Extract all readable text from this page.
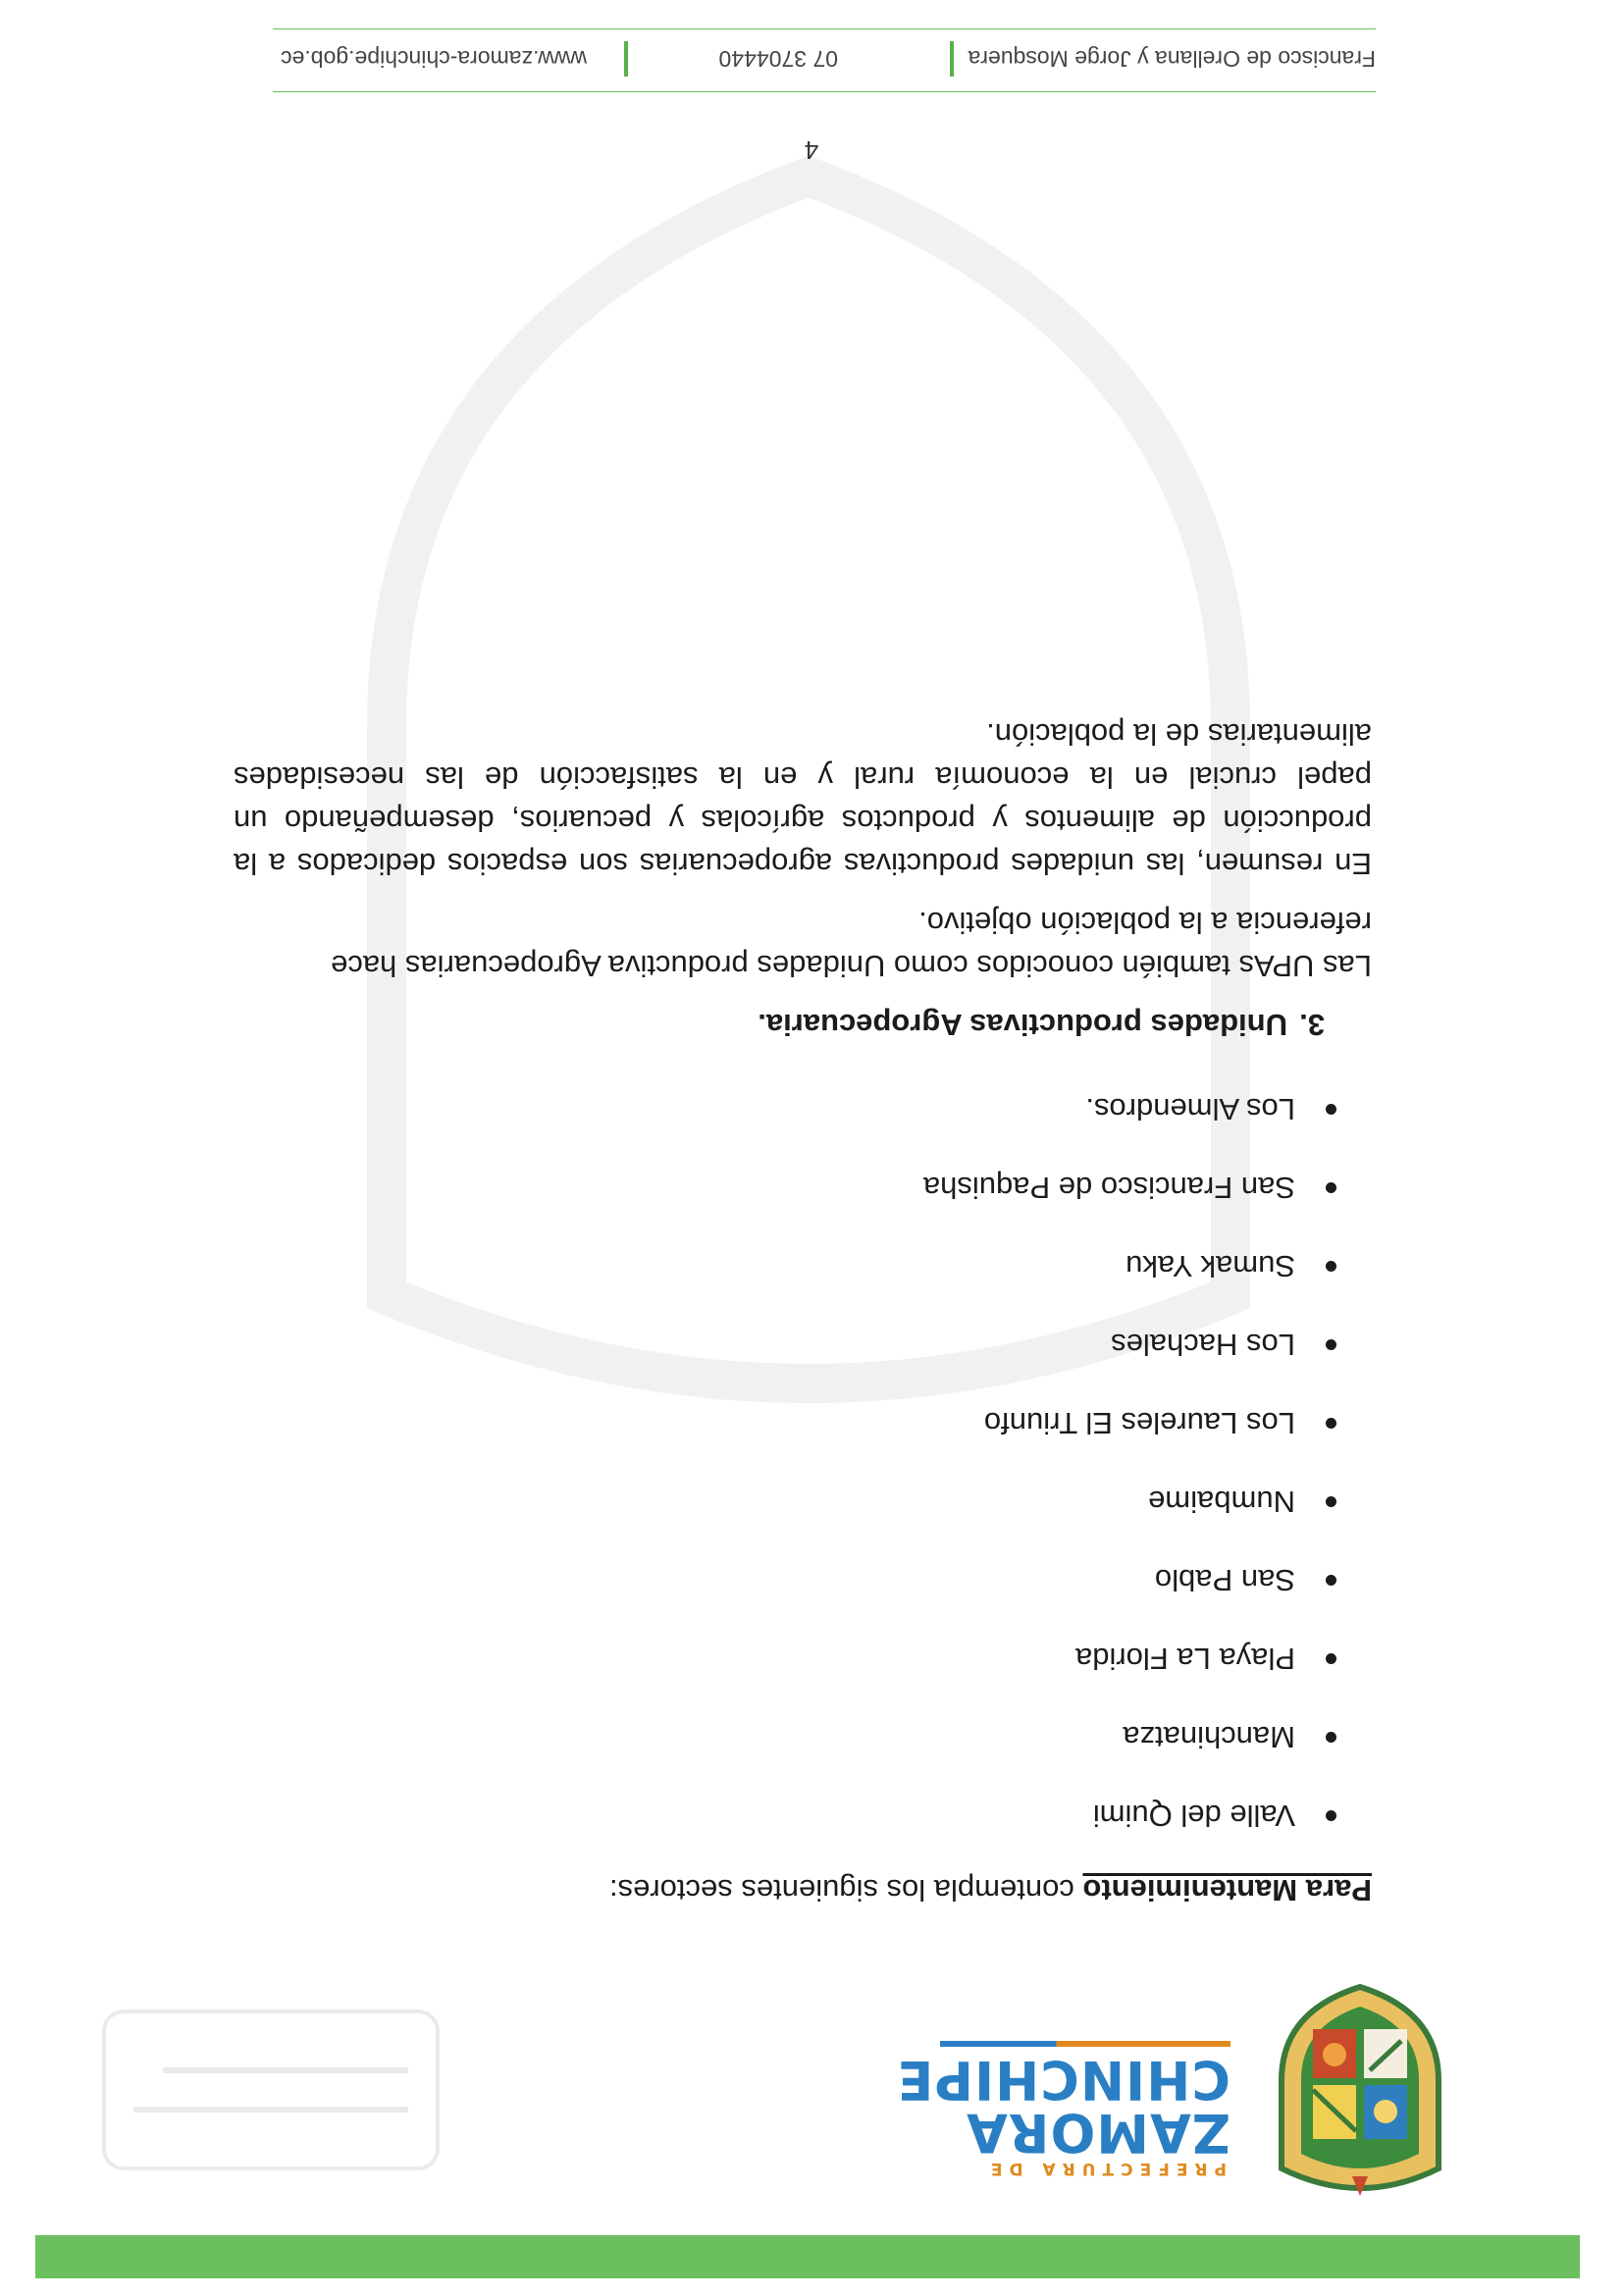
PREFECTURA DE
ZAMORA
CHINCHIPE

Para Mantenimiento contempla los siguientes sectores:

Valle del Quimi
Manchinatza
Playa La Florida
San Pablo
Numbaime
Los Laureles El Triunfo
Los Hachales
Sumak Yaku
San Francisco de Paquisha
Los Almendros.
3.Unidades productivas Agropecuaria.

Las UPAs también conocidos como Unidades productiva Agropecuarias hace referencia a la población objetivo.

En resumen, las unidades productivas agropecuarias son espacios dedicados a la producción de alimentos y productos agrícolas y pecuarios, desempeñando un papel crucial en la economía rural y en la satisfacción de las necesidades alimentarias de la población.

4
Francisco de Orellana y Jorge Mosquera
07 3704440
www.zamora-chinchipe.gob.ec
